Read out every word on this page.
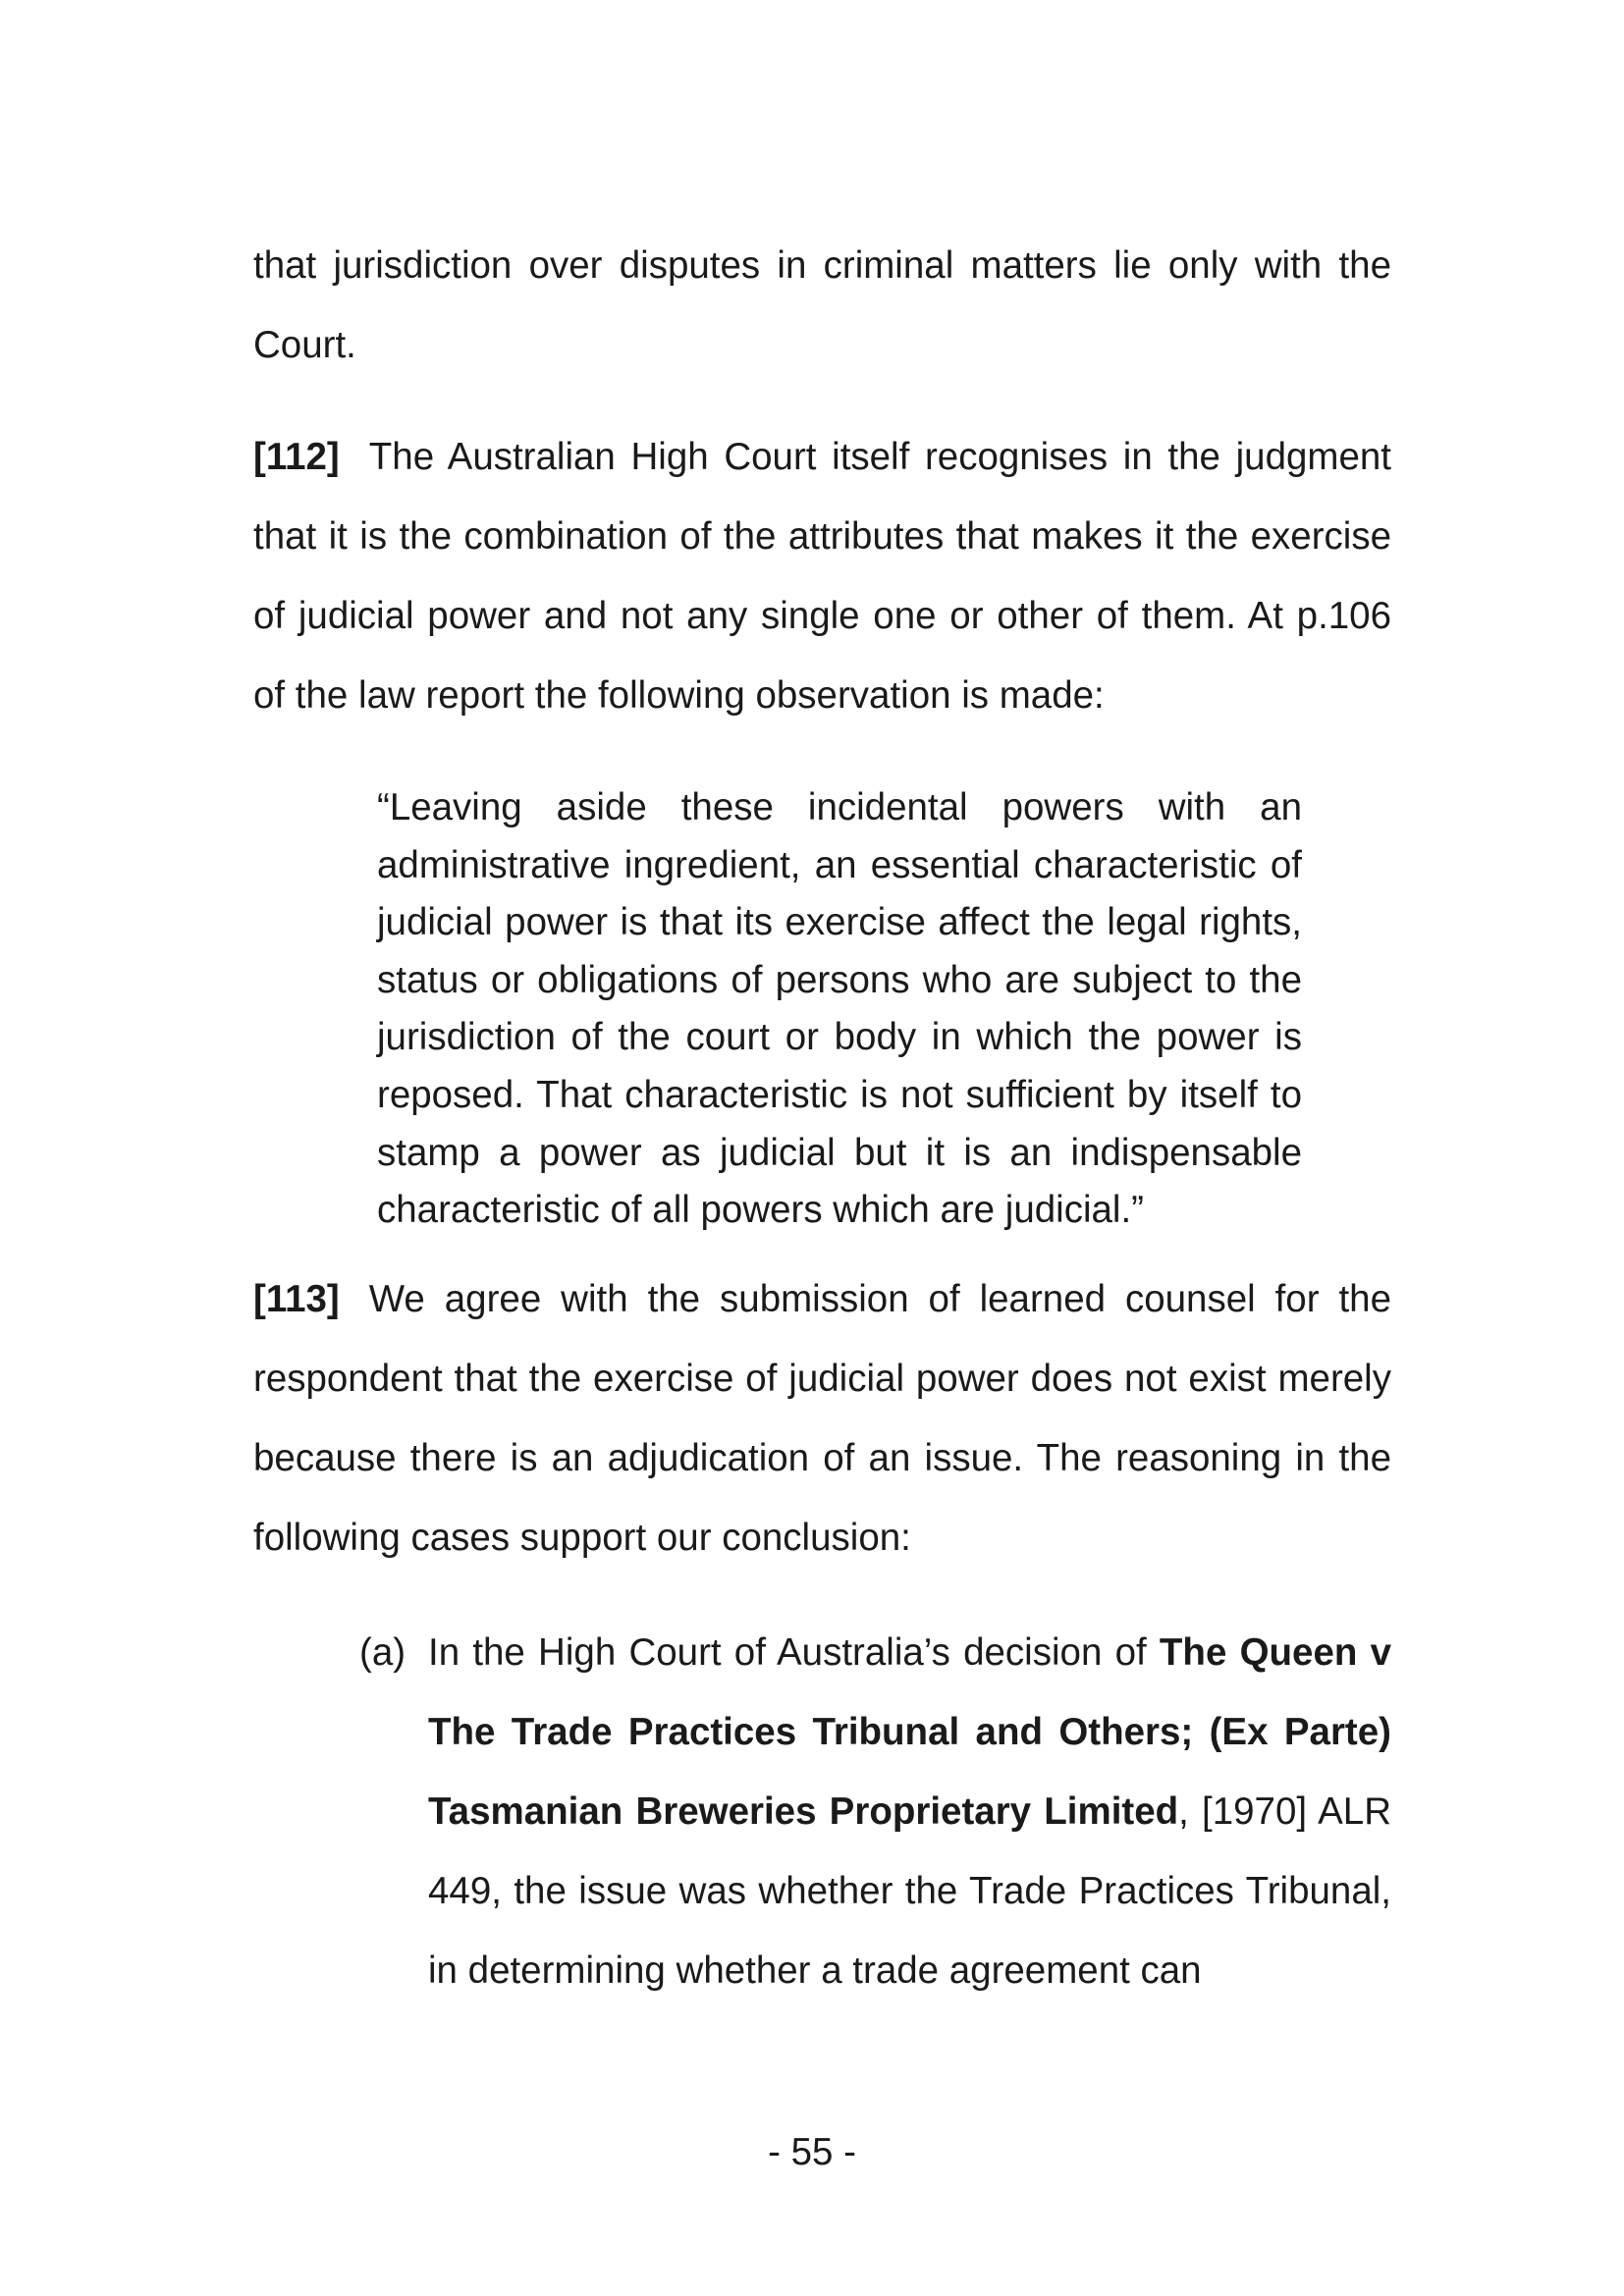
that jurisdiction over disputes in criminal matters lie only with the Court.

[112] The Australian High Court itself recognises in the judgment that it is the combination of the attributes that makes it the exercise of judicial power and not any single one or other of them. At p.106 of the law report the following observation is made:

“Leaving aside these incidental powers with an administrative ingredient, an essential characteristic of judicial power is that its exercise affect the legal rights, status or obligations of persons who are subject to the jurisdiction of the court or body in which the power is reposed. That characteristic is not sufficient by itself to stamp a power as judicial but it is an indispensable characteristic of all powers which are judicial.”

[113] We agree with the submission of learned counsel for the respondent that the exercise of judicial power does not exist merely because there is an adjudication of an issue. The reasoning in the following cases support our conclusion:

(a) In the High Court of Australia’s decision of The Queen v The Trade Practices Tribunal and Others; (Ex Parte) Tasmanian Breweries Proprietary Limited, [1970] ALR 449, the issue was whether the Trade Practices Tribunal, in determining whether a trade agreement can

- 55 -
